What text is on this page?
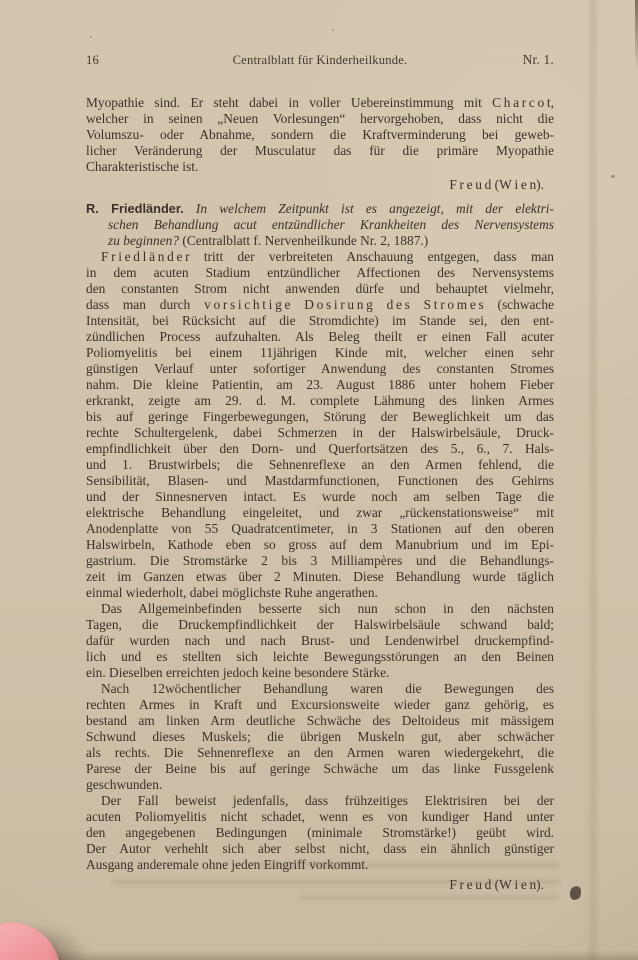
16	Centralblatt für Kinderheilkunde.	Nr. 1.
Myopathie sind. Er steht dabei in voller Uebereinstimmung mit C h a r c o t,
welcher in seinen „Neuen Vorlesungen“ hervorgehoben, dass nicht die
Volumszu- oder Abnahme, sondern die Kraftverminderung bei geweb-
licher Veränderung der Musculatur das für die primäre Myopathie
Charakteristische ist.
F r e u d (W i e n).
R. Friedländer. In welchem Zeitpunkt ist es angezeigt, mit der elektri-
schen Behandlung acut entzündlicher Krankheiten des Nervensystems
zu beginnen? (Centralblatt f. Nervenheilkunde Nr. 2, 1887.)
F r i e d l ä n d e r tritt der verbreiteten Anschauung entgegen, dass man
in dem acuten Stadium entzündlicher Affectionen des Nervensystems
den constanten Strom nicht anwenden dürfe und behauptet vielmehr,
dass man durch v o r s i c h t i g e D o s i r u n g d e s S t r o m e s (schwache
Intensität, bei Rücksicht auf die Stromdichte) im Stande sei, den ent-
zündlichen Process aufzuhalten. Als Beleg theilt er einen Fall acuter
Poliomyelitis bei einem 11jährigen Kinde mit, welcher einen sehr
günstigen Verlauf unter sofortiger Anwendung des constanten Stromes
nahm. Die kleine Patientin, am 23. August 1886 unter hohem Fieber
erkrankt, zeigte am 29. d. M. complete Lähmung des linken Armes
bis auf geringe Fingerbewegungen, Störung der Beweglichkeit um das
rechte Schultergelenk, dabei Schmerzen in der Halswirbelsäule, Druck-
empfindlichkeit über den Dorn- und Querfortsätzen des 5., 6., 7. Hals-
und 1. Brustwirbels; die Sehnenreflexe an den Armen fehlend, die
Sensibilität, Blasen- und Mastdarmfunctionen, Functionen des Gehirns
und der Sinnesnerven intact. Es wurde noch am selben Tage die
elektrische Behandlung eingeleitet, und zwar „rückenstationsweise“ mit
Anodenplatte von 55 Quadratcentimeter, in 3 Stationen auf den oberen
Halswirbeln, Kathode eben so gross auf dem Manubrium und im Epi-
gastrium. Die Stromstärke 2 bis 3 Milliampères und die Behandlungs-
zeit im Ganzen etwas über 2 Minuten. Diese Behandlung wurde täglich
einmal wiederholt, dabei möglichste Ruhe angerathen.
Das Allgemeinbefinden besserte sich nun schon in den nächsten
Tagen, die Druckempfindlichkeit der Halswirbelsäule schwand bald;
dafür wurden nach und nach Brust- und Lendenwirbel druckempfind-
lich und es stellten sich leichte Bewegungsstörungen an den Beinen
ein. Dieselben erreichten jedoch keine besondere Stärke.
Nach 12wöchentlicher Behandlung waren die Bewegungen des
rechten Armes in Kraft und Excursionsweite wieder ganz gehörig, es
bestand am linken Arm deutliche Schwäche des Deltoideus mit mässigem
Schwund dieses Muskels; die übrigen Muskeln gut, aber schwächer
als rechts. Die Sehnenreflexe an den Armen waren wiedergekehrt, die
Parese der Beine bis auf geringe Schwäche um das linke Fussgelenk
geschwunden.
Der Fall beweist jedenfalls, dass frühzeitiges Elektrisiren bei der
acuten Poliomyelitis nicht schadet, wenn es von kundiger Hand unter
den angegebenen Bedingungen (minimale Stromstärke!) geübt wird.
Der Autor verhehlt sich aber selbst nicht, dass ein ähnlich günstiger
Ausgang anderemale ohne jeden Eingriff vorkommt.
F r e u d (W i e n).
